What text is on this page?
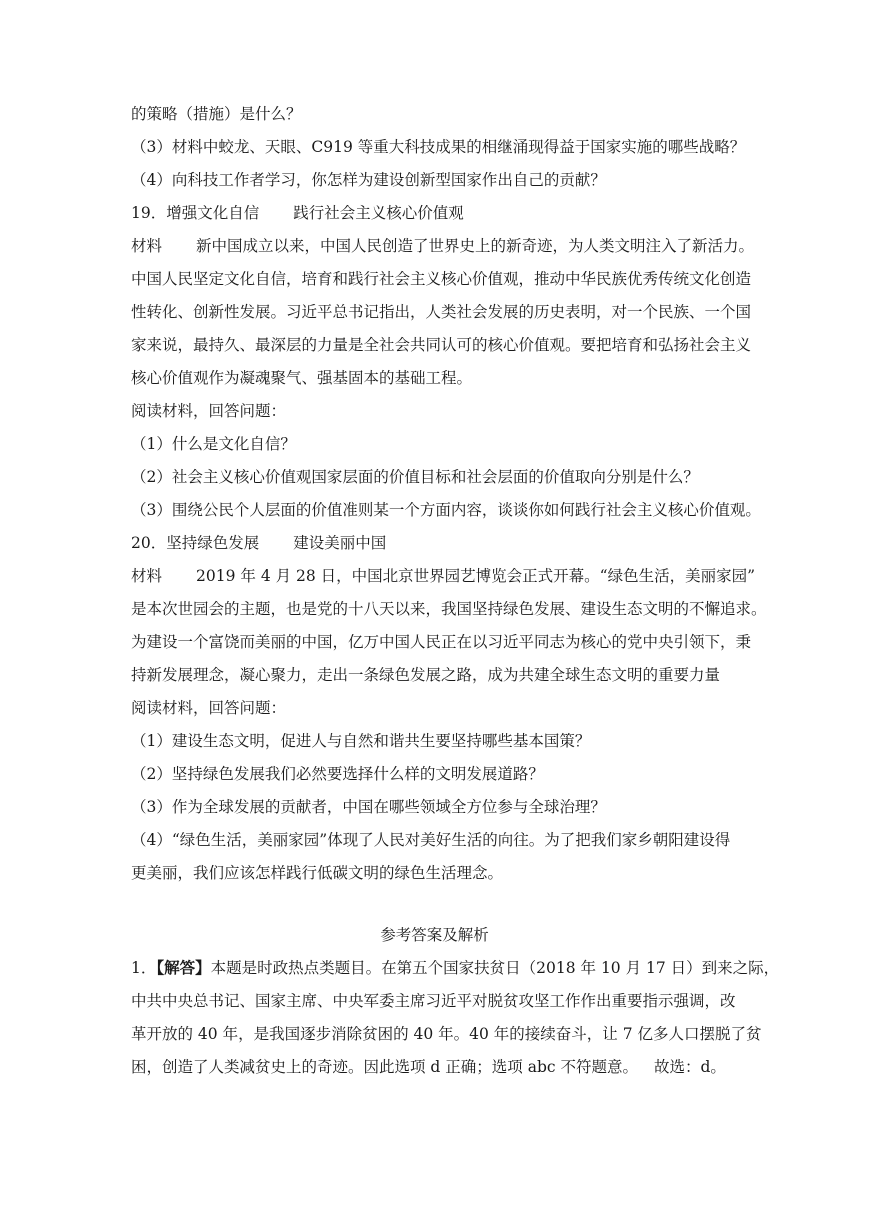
的策略（措施）是什么？
（3）材料中蛟龙、天眼、C919 等重大科技成果的相继涌现得益于国家实施的哪些战略？
（4）向科技工作者学习，你怎样为建设创新型国家作出自己的贡献？
19．增强文化自信 践行社会主义核心价值观
材料 新中国成立以来，中国人民创造了世界史上的新奇迹，为人类文明注入了新活力。
中国人民坚定文化自信，培育和践行社会主义核心价值观，推动中华民族优秀传统文化创造
性转化、创新性发展。习近平总书记指出，人类社会发展的历史表明，对一个民族、一个国
家来说，最持久、最深层的力量是全社会共同认可的核心价值观。要把培育和弘扬社会主义
核心价值观作为凝魂聚气、强基固本的基础工程。
阅读材料，回答问题：
（1）什么是文化自信？
（2）社会主义核心价值观国家层面的价值目标和社会层面的价值取向分别是什么？
（3）围绕公民个人层面的价值准则某一个方面内容，谈谈你如何践行社会主义核心价值观。
20．坚持绿色发展 建设美丽中国
材料 2019 年 4 月 28 日，中国北京世界园艺博览会正式开幕。“绿色生活，美丽家园”
是本次世园会的主题，也是党的十八天以来，我国坚持绿色发展、建设生态文明的不懈追求。
为建设一个富饶而美丽的中国，亿万中国人民正在以习近平同志为核心的党中央引领下，秉
持新发展理念，凝心聚力，走出一条绿色发展之路，成为共建全球生态文明的重要力量
阅读材料，回答问题：
（1）建设生态文明，促进人与自然和谐共生要坚持哪些基本国策？
（2）坚持绿色发展我们必然要选择什么样的文明发展道路？
（3）作为全球发展的贡献者，中国在哪些领域全方位参与全球治理？
（4）“绿色生活，美丽家园”体现了人民对美好生活的向往。为了把我们家乡朝阳建设得
更美丽，我们应该怎样践行低碳文明的绿色生活理念。
参考答案及解析
1．【解答】本题是时政热点类题目。在第五个国家扶贫日（2018 年 10 月 17 日）到来之际，
中共中央总书记、国家主席、中央军委主席习近平对脱贫攻坚工作作出重要指示强调，改
革开放的 40 年，是我国逐步消除贫困的 40 年。40 年的接续奋斗，让 7 亿多人口摆脱了贫
困，创造了人类减贫史上的奇迹。因此选项 d 正确；选项 abc 不符题意。 故选：d。
